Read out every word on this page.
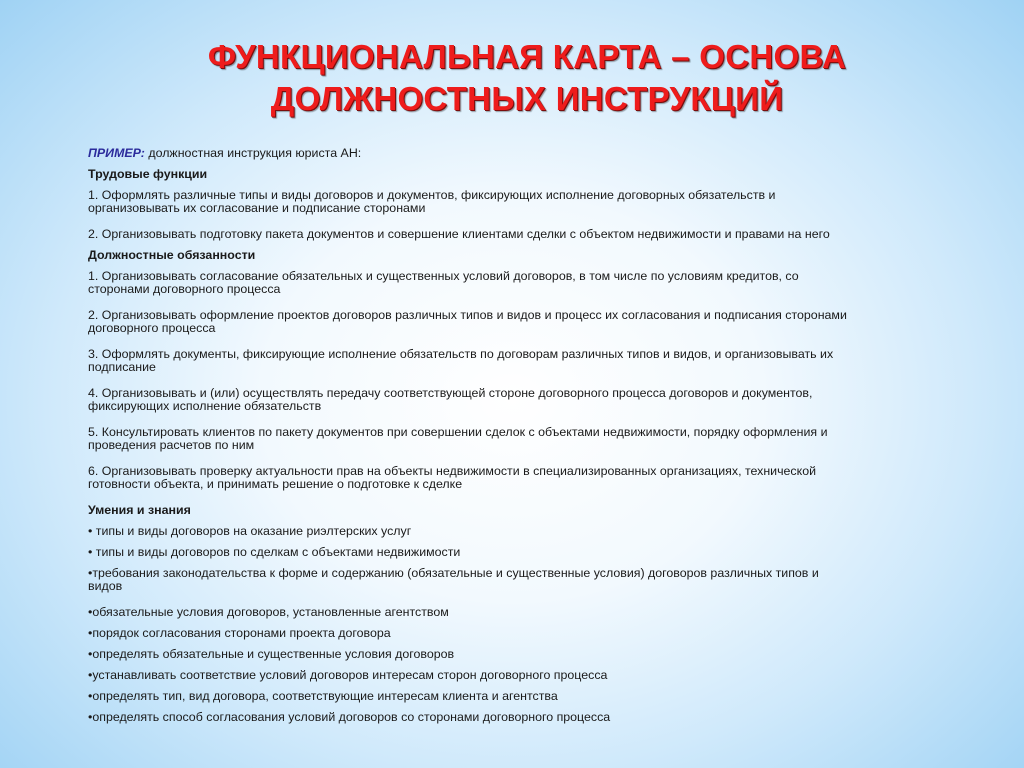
ФУНКЦИОНАЛЬНАЯ КАРТА – ОСНОВА
ДОЛЖНОСТНЫХ ИНСТРУКЦИЙ
ПРИМЕР: должностная инструкция юриста АН:
Трудовые функции
1. Оформлять различные типы и виды договоров и документов, фиксирующих исполнение договорных обязательств и
организовывать их согласование и подписание сторонами
2. Организовывать подготовку пакета документов и совершение клиентами сделки с объектом недвижимости и правами на него
Должностные обязанности
1. Организовывать согласование обязательных и существенных условий договоров, в том числе по условиям кредитов, со
сторонами договорного процесса
2. Организовывать оформление проектов договоров различных типов и видов и процесс их согласования и подписания сторонами
договорного процесса
3. Оформлять документы, фиксирующие исполнение обязательств по договорам различных типов и видов, и организовывать их
подписание
4. Организовывать и (или) осуществлять передачу соответствующей стороне договорного процесса договоров и документов,
фиксирующих исполнение обязательств
5. Консультировать клиентов по пакету документов при совершении сделок с объектами недвижимости, порядку оформления и
проведения расчетов по ним
6. Организовывать проверку актуальности прав на объекты недвижимости в специализированных организациях, технической
готовности объекта, и принимать решение о подготовке к сделке
Умения и знания
• типы и виды договоров на оказание риэлтерских услуг
• типы и виды договоров по сделкам с объектами недвижимости
•требования законодательства к форме и содержанию (обязательные и существенные условия) договоров различных типов и
видов
•обязательные условия договоров, установленные агентством
•порядок согласования сторонами проекта договора
•определять обязательные и существенные условия договоров
•устанавливать соответствие условий договоров интересам сторон договорного процесса
•определять тип, вид договора, соответствующие интересам клиента и агентства
•определять способ согласования условий договоров со сторонами договорного процесса
